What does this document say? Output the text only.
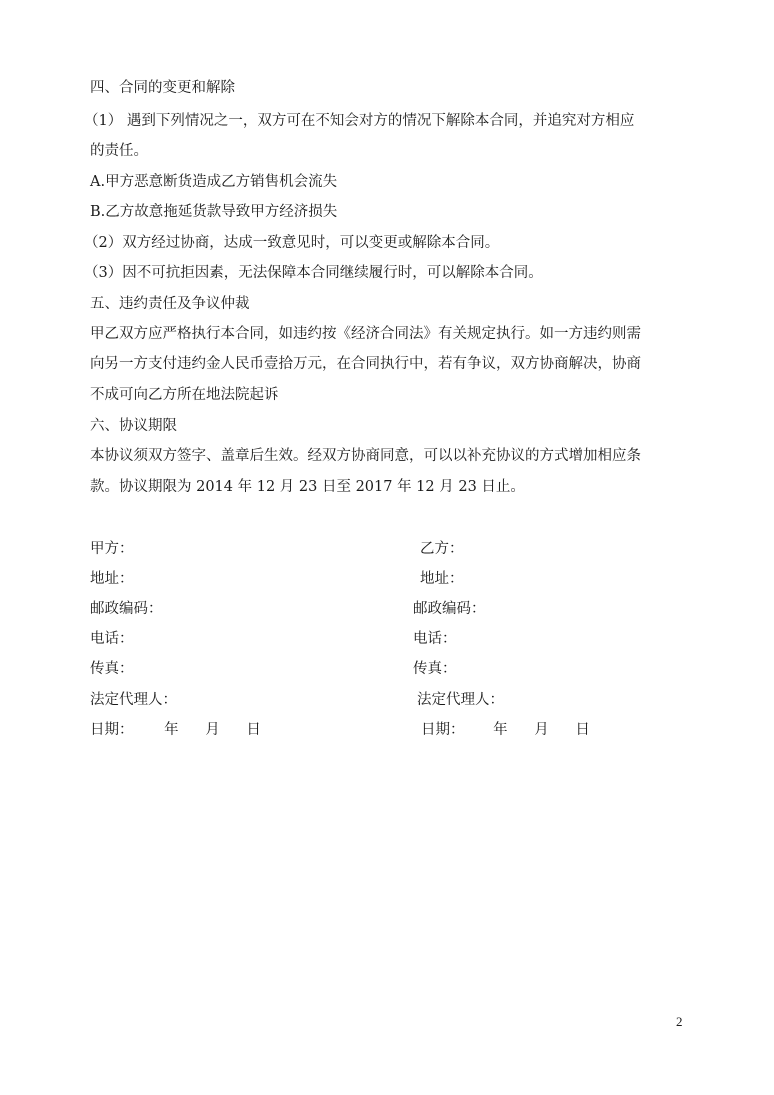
四、合同的变更和解除
（1） 遇到下列情况之一，双方可在不知会对方的情况下解除本合同，并追究对方相应
的责任。
A.甲方恶意断货造成乙方销售机会流失
B.乙方故意拖延货款导致甲方经济损失
（2）双方经过协商，达成一致意见时，可以变更或解除本合同。
（3）因不可抗拒因素，无法保障本合同继续履行时，可以解除本合同。
五、违约责任及争议仲裁
甲乙双方应严格执行本合同，如违约按《经济合同法》有关规定执行。如一方违约则需
向另一方支付违约金人民币壹拾万元，在合同执行中，若有争议，双方协商解决，协商
不成可向乙方所在地法院起诉
六、协议期限
本协议须双方签字、盖章后生效。经双方协商同意，可以以补充协议的方式增加相应条
款。协议期限为 2014 年 12 月 23 日至 2017 年 12 月 23 日止。
甲方：
地址：
邮政编码：
电话：
传真：
法定代理人：
日期： 年 月 日
乙方：
地址：
邮政编码：
电话：
传真：
法定代理人：
日期： 年 月 日
2
